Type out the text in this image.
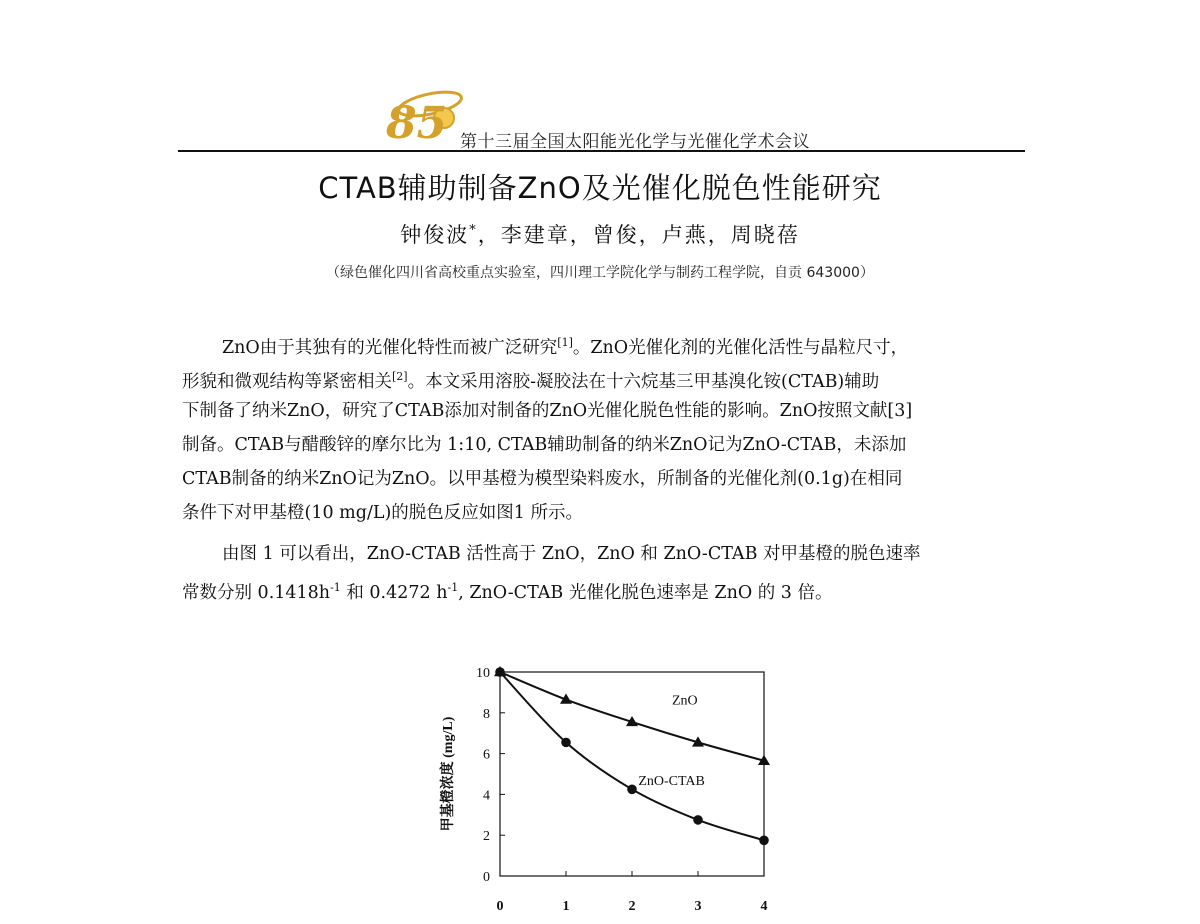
85 第十三届全国太阳能光化学与光催化学术会议
CTAB辅助制备ZnO及光催化脱色性能研究
钟俊波*，李建章，曾俊，卢燕，周晓蓓
（绿色催化四川省高校重点实验室，四川理工学院化学与制药工程学院，自贡 643000）
ZnO由于其独有的光催化特性而被广泛研究[1]。ZnO光催化剂的光催化活性与晶粒尺寸，
形貌和微观结构等紧密相关[2]。本文采用溶胶-凝胶法在十六烷基三甲基溴化铵(CTAB)辅助
下制备了纳米ZnO，研究了CTAB添加对制备的ZnO光催化脱色性能的影响。ZnO按照文献[3]
制备。CTAB与醋酸锌的摩尔比为 1:10, CTAB辅助制备的纳米ZnO记为ZnO-CTAB，未添加
CTAB制备的纳米ZnO记为ZnO。以甲基橙为模型染料废水，所制备的光催化剂(0.1g)在相同
条件下对甲基橙(10 mg/L)的脱色反应如图1 所示。
由图 1 可以看出，ZnO-CTAB 活性高于 ZnO，ZnO 和 ZnO-CTAB 对甲基橙的脱色速率
常数分别 $0.1418h^{-1}$ 和 0.4272 $h^{-1}$, ZnO-CTAB 光催化脱色速率是 ZnO 的 3 倍。
0
2
4
6
8
10
0	1	2	3	4
甲基橙浓度 (mg/L)
ZnO
ZnO-CTAB
